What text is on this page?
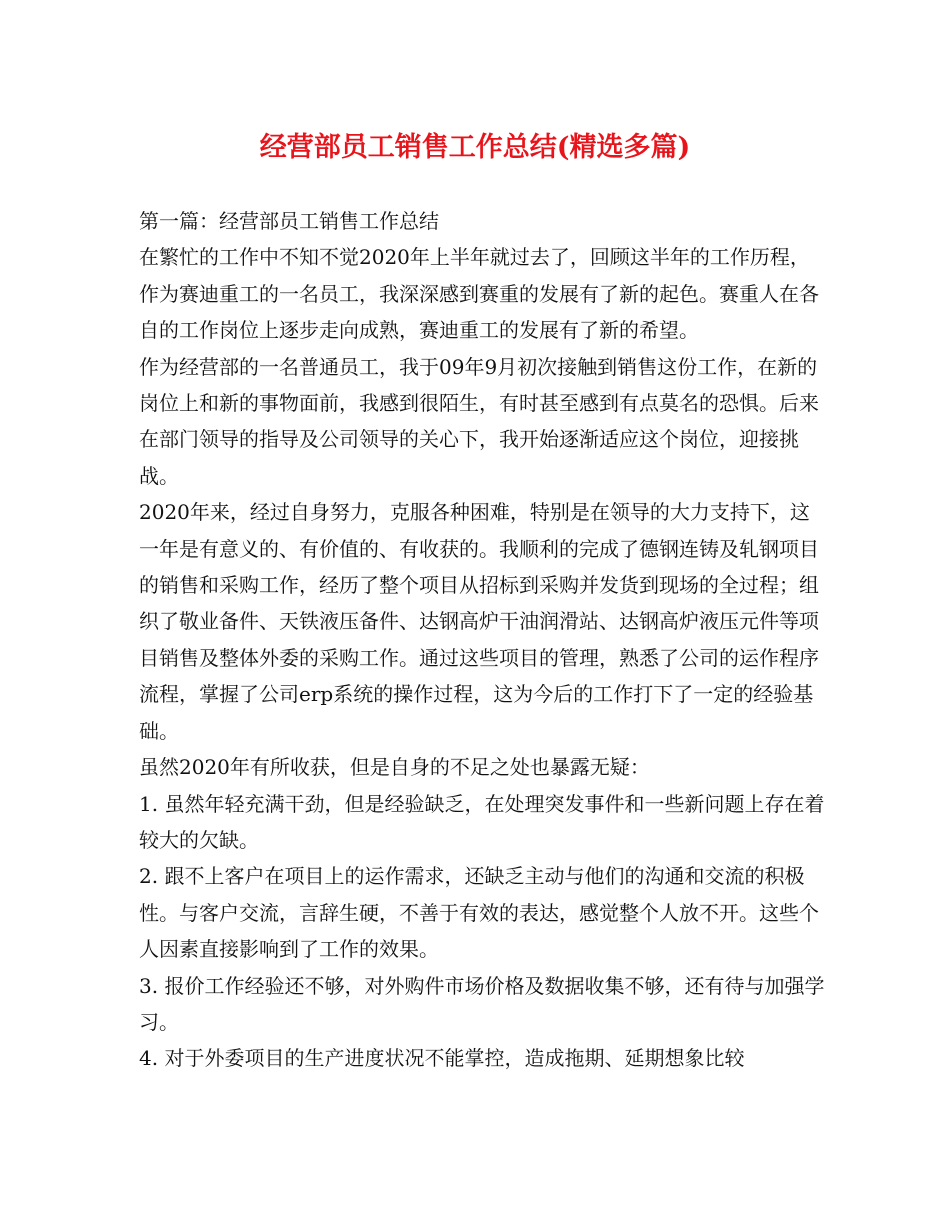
经营部员工销售工作总结(精选多篇)

第一篇：经营部员工销售工作总结

在繁忙的工作中不知不觉2020年上半年就过去了，回顾这半年的工作历程，作为赛迪重工的一名员工，我深深感到赛重的发展有了新的起色。赛重人在各自的工作岗位上逐步走向成熟，赛迪重工的发展有了新的希望。

作为经营部的一名普通员工，我于09年9月初次接触到销售这份工作，在新的岗位上和新的事物面前，我感到很陌生，有时甚至感到有点莫名的恐惧。后来在部门领导的指导及公司领导的关心下，我开始逐渐适应这个岗位，迎接挑战。

2020年来，经过自身努力，克服各种困难，特别是在领导的大力支持下，这一年是有意义的、有价值的、有收获的。我顺利的完成了德钢连铸及轧钢项目的销售和采购工作，经历了整个项目从招标到采购并发货到现场的全过程；组织了敬业备件、天铁液压备件、达钢高炉干油润滑站、达钢高炉液压元件等项目销售及整体外委的采购工作。通过这些项目的管理，熟悉了公司的运作程序流程，掌握了公司erp系统的操作过程，这为今后的工作打下了一定的经验基础。

虽然2020年有所收获，但是自身的不足之处也暴露无疑：

1. 虽然年轻充满干劲，但是经验缺乏，在处理突发事件和一些新问题上存在着较大的欠缺。

2. 跟不上客户在项目上的运作需求，还缺乏主动与他们的沟通和交流的积极性。与客户交流，言辞生硬，不善于有效的表达，感觉整个人放不开。这些个人因素直接影响到了工作的效果。

3. 报价工作经验还不够，对外购件市场价格及数据收集不够，还有待与加强学习。

4. 对于外委项目的生产进度状况不能掌控，造成拖期、延期想象比较
